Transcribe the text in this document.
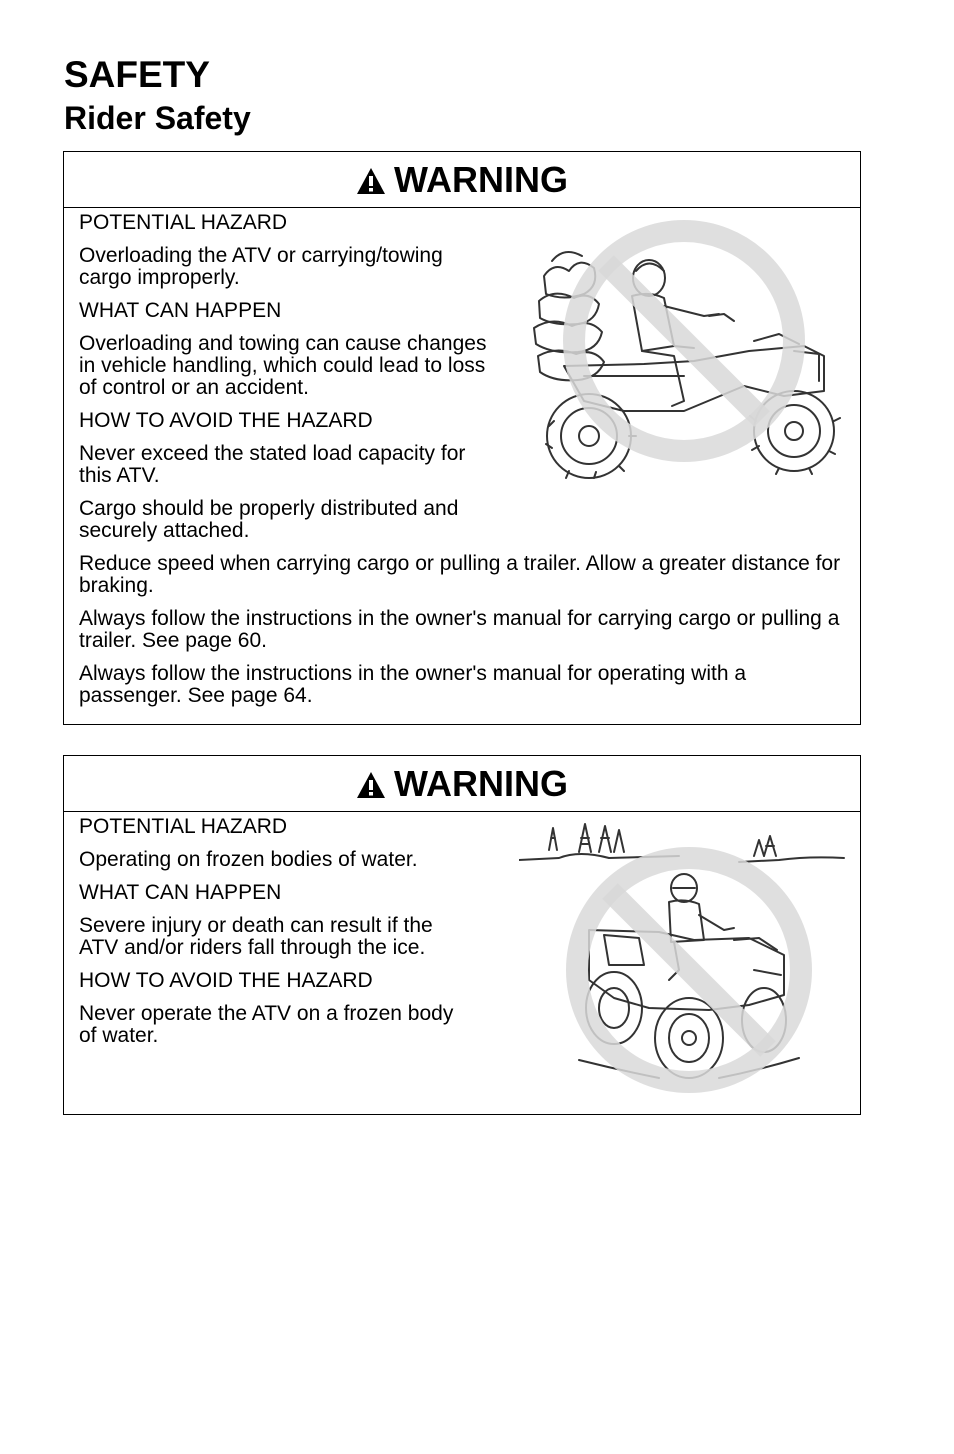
SAFETY
Rider Safety
WARNING

POTENTIAL HAZARD

Overloading the ATV or carrying/towing cargo improperly.

WHAT CAN HAPPEN

Overloading and towing can cause changes in vehicle handling, which could lead to loss of control or an accident.

HOW TO AVOID THE HAZARD

Never exceed the stated load capacity for this ATV.

Cargo should be properly distributed and securely attached.

Reduce speed when carrying cargo or pulling a trailer. Allow a greater distance for braking.

Always follow the instructions in the owner's manual for carrying cargo or pulling a trailer. See page 60.

Always follow the instructions in the owner's manual for operating with a passenger. See page 64.

WARNING

POTENTIAL HAZARD

Operating on frozen bodies of water.

WHAT CAN HAPPEN

Severe injury or death can result if the ATV and/or riders fall through the ice.

HOW TO AVOID THE HAZARD

Never operate the ATV on a frozen body of water.
